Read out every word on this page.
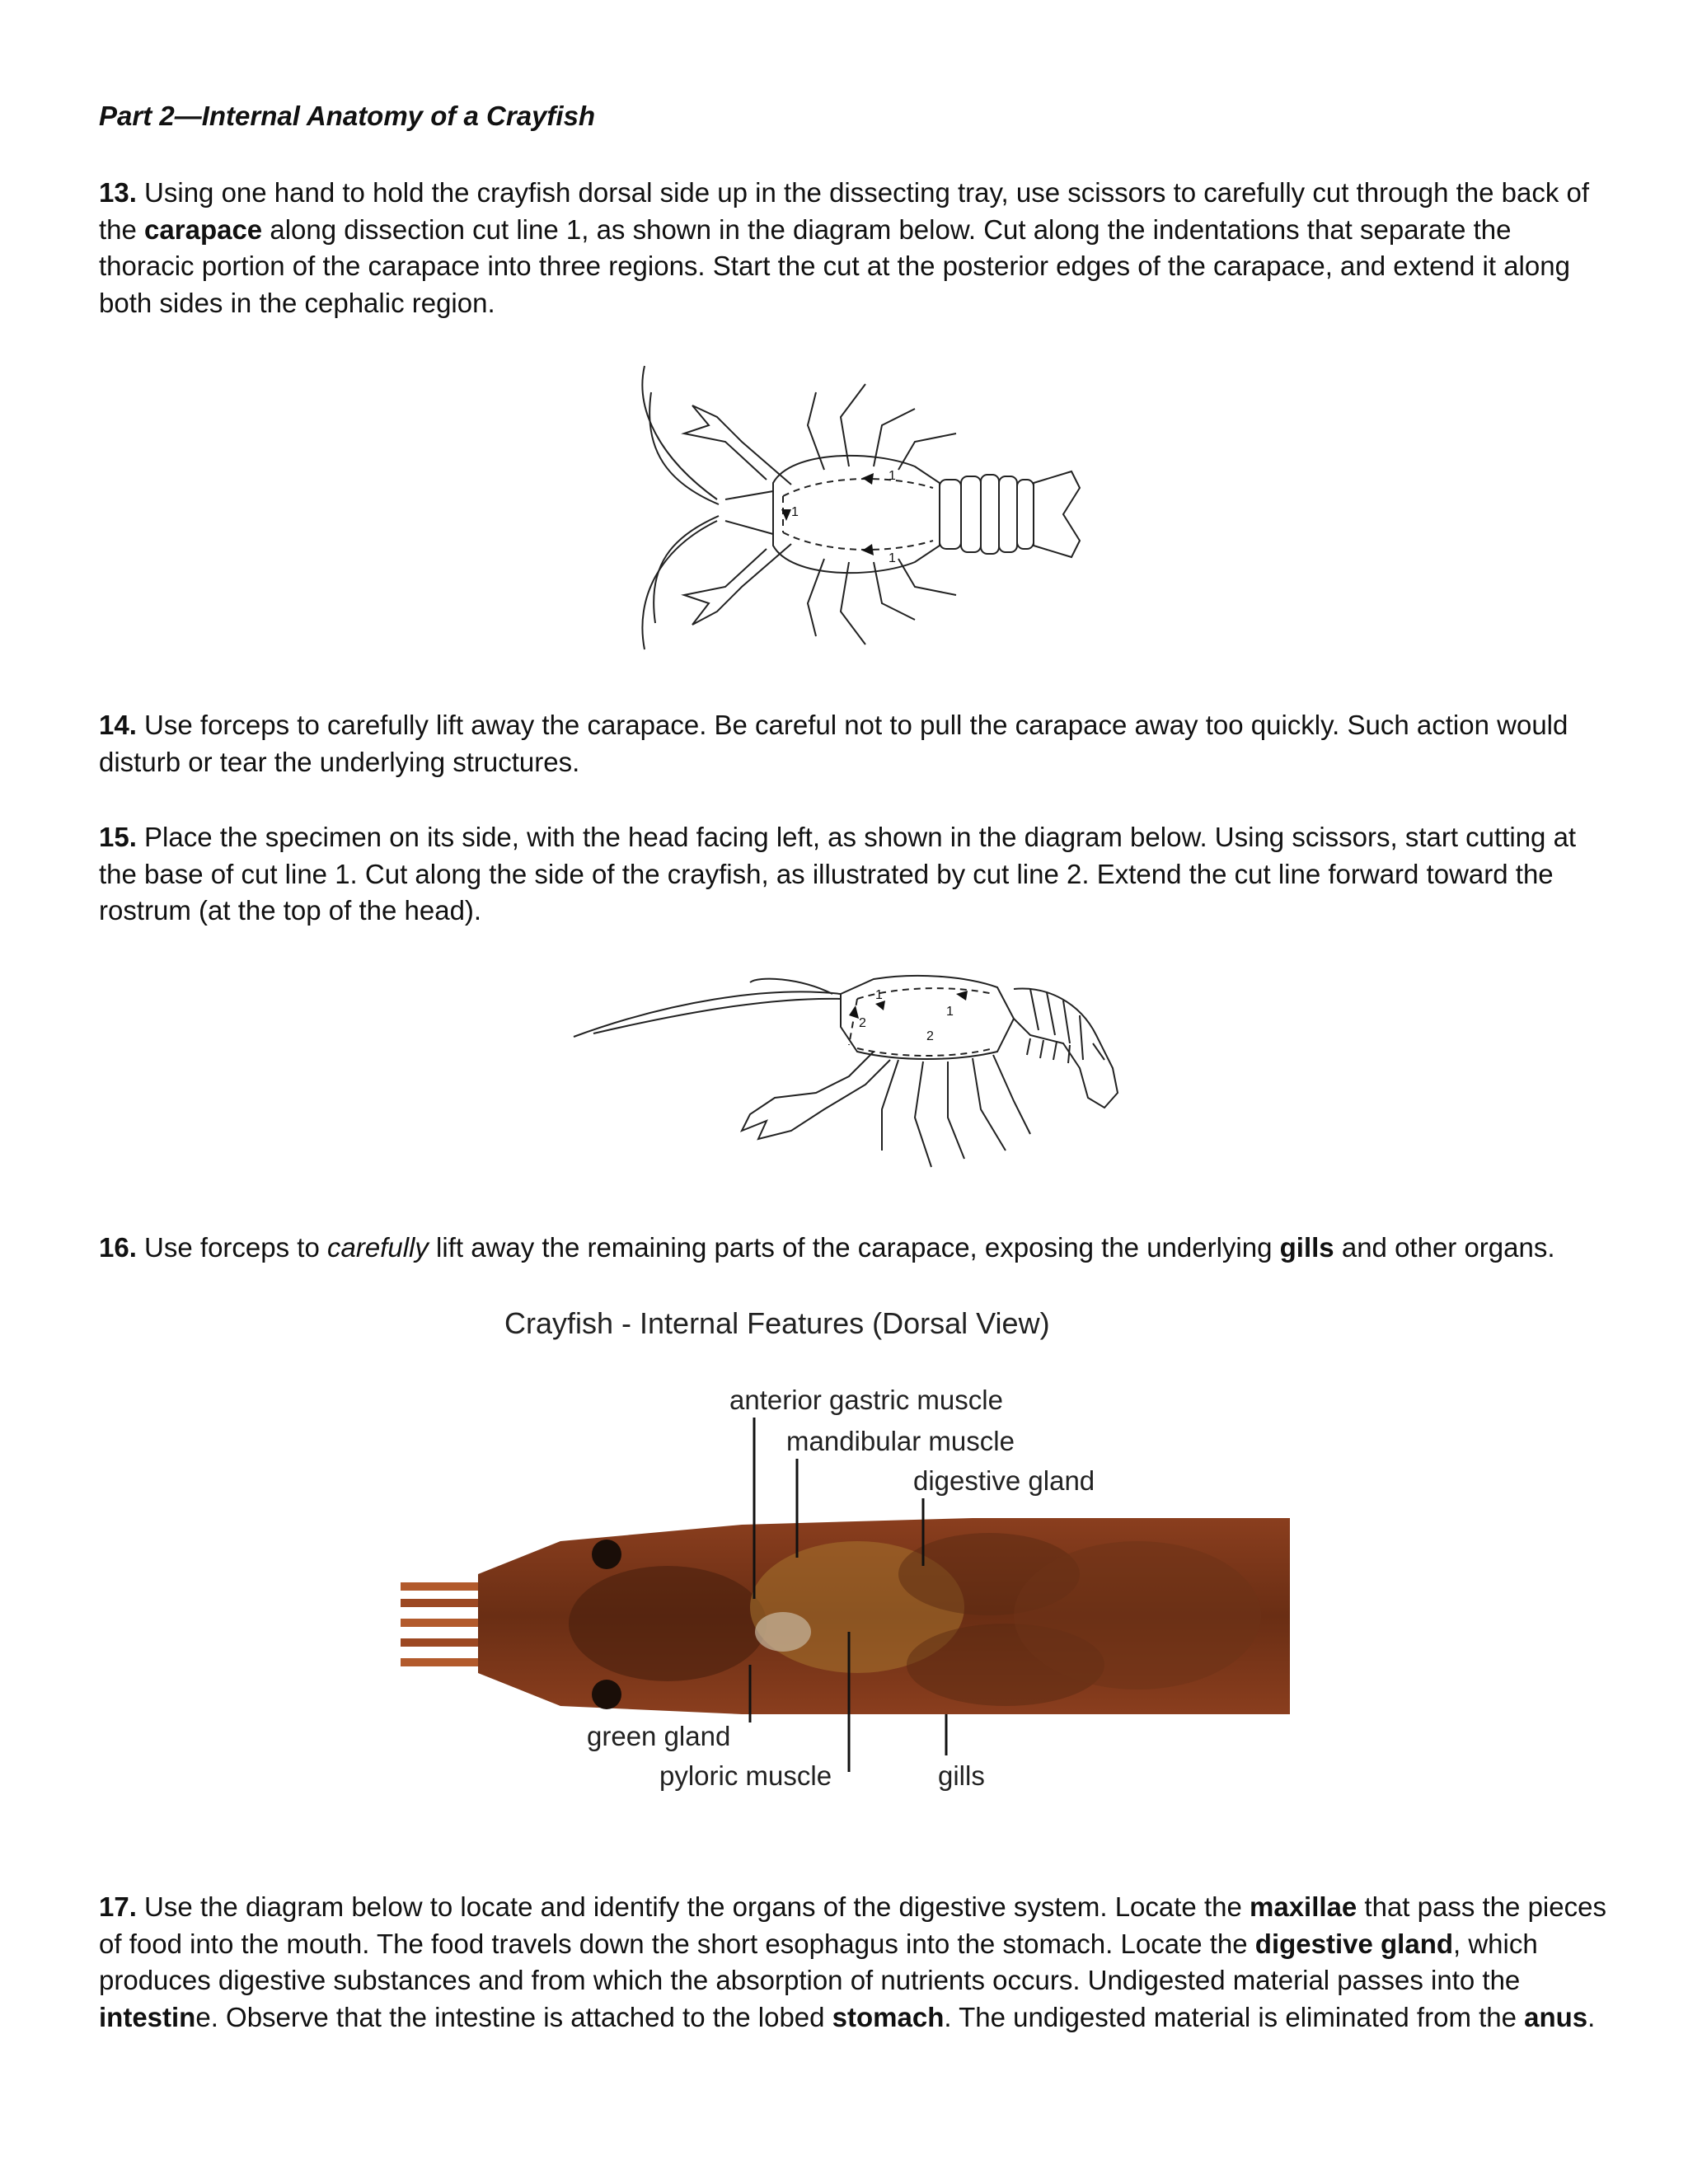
Part 2—Internal Anatomy of a Crayfish
13. Using one hand to hold the crayfish dorsal side up in the dissecting tray, use scissors to carefully cut through the back of the carapace along dissection cut line 1, as shown in the diagram below. Cut along the indentations that separate the thoracic portion of the carapace into three regions. Start the cut at the posterior edges of the carapace, and extend it along both sides in the cephalic region.
1
1
1
14. Use forceps to carefully lift away the carapace. Be careful not to pull the carapace away too quickly. Such action would disturb or tear the underlying structures.
15. Place the specimen on its side, with the head facing left, as shown in the diagram below. Using scissors, start cutting at the base of cut line 1. Cut along the side of the crayfish, as illustrated by cut line 2. Extend the cut line forward toward the rostrum (at the top of the head).
1
2
2
1
16. Use forceps to carefully lift away the remaining parts of the carapace, exposing the underlying gills and other organs.
Crayfish - Internal Features (Dorsal View)
anterior gastric muscle
mandibular muscle
digestive gland
green gland
pyloric muscle	gills
17. Use the diagram below to locate and identify the organs of the digestive system. Locate the maxillae that pass the pieces of food into the mouth. The food travels down the short esophagus into the stomach. Locate the digestive gland, which produces digestive substances and from which the absorption of nutrients occurs. Undigested material passes into the intestine. Observe that the intestine is attached to the lobed stomach. The undigested material is eliminated from the anus.
